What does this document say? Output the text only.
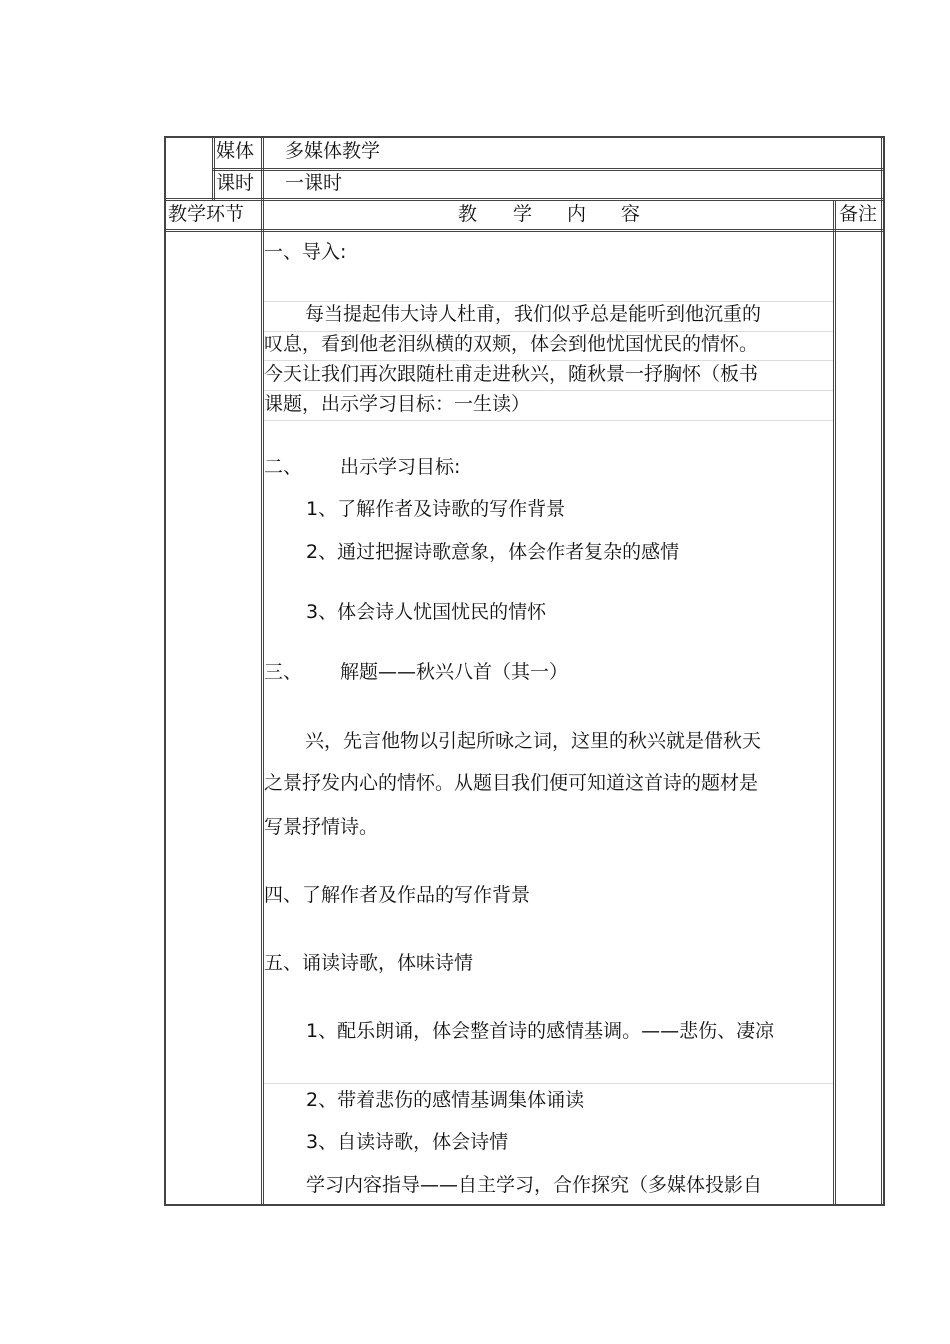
媒体 多媒体教学
课时 一课时
教学环节	教 学 内 容	备注
一、导入:
每当提起伟大诗人杜甫，我们似乎总是能听到他沉重的
叹息，看到他老泪纵横的双颊，体会到他忧国忧民的情怀。
今天让我们再次跟随杜甫走进秋兴，随秋景一抒胸怀（板书
课题，出示学习目标：一生读）
二、 出示学习目标:
1、了解作者及诗歌的写作背景
2、通过把握诗歌意象，体会作者复杂的感情
3、体会诗人忧国忧民的情怀
三、 解题——秋兴八首（其一）
兴，先言他物以引起所咏之词，这里的秋兴就是借秋天
之景抒发内心的情怀。从题目我们便可知道这首诗的题材是
写景抒情诗。
四、了解作者及作品的写作背景
五、诵读诗歌，体味诗情
1、配乐朗诵，体会整首诗的感情基调。——悲伤、凄凉
2、带着悲伤的感情基调集体诵读
3、自读诗歌，体会诗情
学习内容指导——自主学习，合作探究（多媒体投影自
